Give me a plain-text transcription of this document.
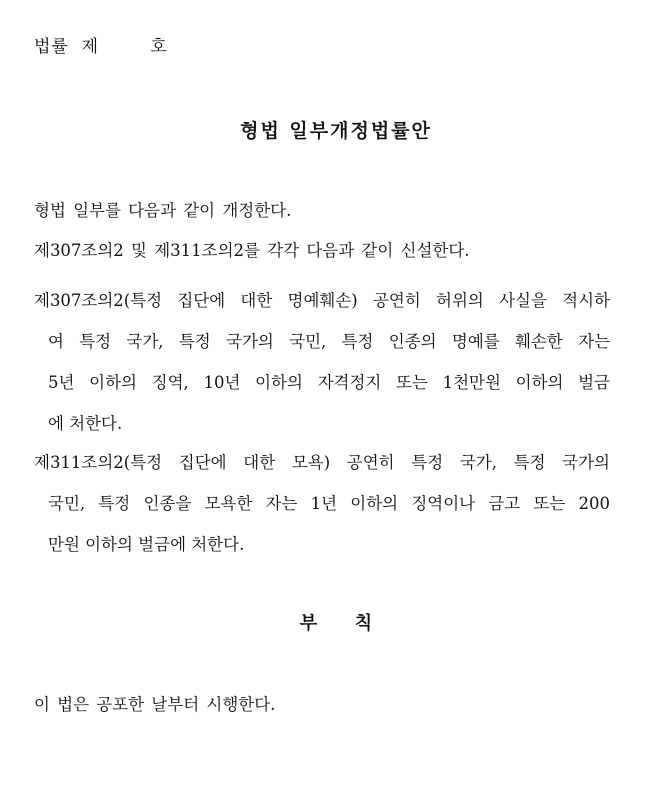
법률  제        호
형법 일부개정법률안
형법 일부를 다음과 같이 개정한다.
제307조의2 및 제311조의2를 각각 다음과 같이 신설한다.
제307조의2(특정 집단에 대한 명예훼손) 공연히 허위의 사실을 적시하
여 특정 국가, 특정 국가의 국민, 특정 인종의 명예를 훼손한 자는
5년 이하의 징역, 10년 이하의 자격정지 또는 1천만원 이하의 벌금
에 처한다.
제311조의2(특정 집단에 대한 모욕) 공연히 특정 국가, 특정 국가의
국민, 특정 인종을 모욕한 자는 1년 이하의 징역이나 금고 또는 200
만원 이하의 벌금에 처한다.
부      칙
이 법은 공포한 날부터 시행한다.
